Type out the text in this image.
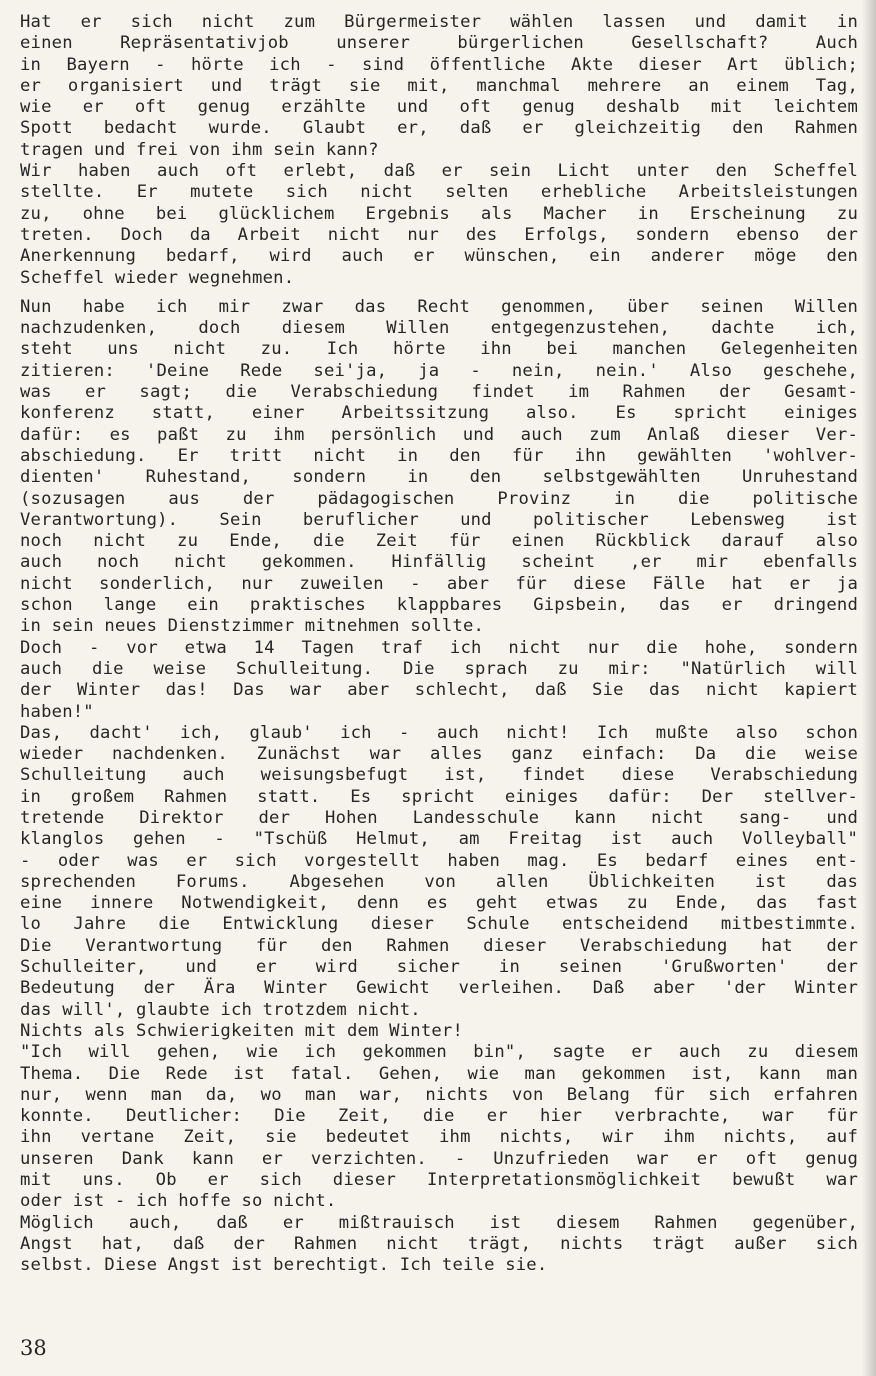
Hat er sich nicht zum Bürgermeister wählen lassen und damit in
einen Repräsentativjob unserer bürgerlichen Gesellschaft? Auch
in Bayern - hörte ich - sind öffentliche Akte dieser Art üblich;
er organisiert und trägt sie mit, manchmal mehrere an einem Tag,
wie er oft genug erzählte und oft genug deshalb mit leichtem
Spott bedacht wurde. Glaubt er, daß er gleichzeitig den Rahmen
tragen und frei von ihm sein kann?
Wir haben auch oft erlebt, daß er sein Licht unter den Scheffel
stellte. Er mutete sich nicht selten erhebliche Arbeitsleistungen
zu, ohne bei glücklichem Ergebnis als Macher in Erscheinung zu
treten. Doch da Arbeit nicht nur des Erfolgs, sondern ebenso der
Anerkennung bedarf, wird auch er wünschen, ein anderer möge den
Scheffel wieder wegnehmen.
Nun habe ich mir zwar das Recht genommen, über seinen Willen
nachzudenken, doch diesem Willen entgegenzustehen, dachte ich,
steht uns nicht zu. Ich hörte ihn bei manchen Gelegenheiten
zitieren: 'Deine Rede sei'ja, ja - nein, nein.' Also geschehe,
was er sagt; die Verabschiedung findet im Rahmen der Gesamt-
konferenz statt, einer Arbeitssitzung also. Es spricht einiges
dafür: es paßt zu ihm persönlich und auch zum Anlaß dieser Ver-
abschiedung. Er tritt nicht in den für ihn gewählten 'wohlver-
dienten' Ruhestand, sondern in den selbstgewählten Unruhestand
(sozusagen aus der pädagogischen Provinz in die politische
Verantwortung). Sein beruflicher und politischer Lebensweg ist
noch nicht zu Ende, die Zeit für einen Rückblick darauf also
auch noch nicht gekommen. Hinfällig scheint ,er mir ebenfalls
nicht sonderlich, nur zuweilen - aber für diese Fälle hat er ja
schon lange ein praktisches klappbares Gipsbein, das er dringend
in sein neues Dienstzimmer mitnehmen sollte.
Doch - vor etwa 14 Tagen traf ich nicht nur die hohe, sondern
auch die weise Schulleitung. Die sprach zu mir: "Natürlich will
der Winter das! Das war aber schlecht, daß Sie das nicht kapiert
haben!"
Das, dacht' ich, glaub' ich - auch nicht! Ich mußte also schon
wieder nachdenken. Zunächst war alles ganz einfach: Da die weise
Schulleitung auch weisungsbefugt ist, findet diese Verabschiedung
in großem Rahmen statt. Es spricht einiges dafür: Der stellver-
tretende Direktor der Hohen Landesschule kann nicht sang- und
klanglos gehen - "Tschüß Helmut, am Freitag ist auch Volleyball"
- oder was er sich vorgestellt haben mag. Es bedarf eines ent-
sprechenden Forums. Abgesehen von allen Üblichkeiten ist das
eine innere Notwendigkeit, denn es geht etwas zu Ende, das fast
lo Jahre die Entwicklung dieser Schule entscheidend mitbestimmte.
Die Verantwortung für den Rahmen dieser Verabschiedung hat der
Schulleiter, und er wird sicher in seinen 'Grußworten' der
Bedeutung der Ära Winter Gewicht verleihen. Daß aber 'der Winter
das will', glaubte ich trotzdem nicht.
Nichts als Schwierigkeiten mit dem Winter!
"Ich will gehen, wie ich gekommen bin", sagte er auch zu diesem
Thema. Die Rede ist fatal. Gehen, wie man gekommen ist, kann man
nur, wenn man da, wo man war, nichts von Belang für sich erfahren
konnte. Deutlicher: Die Zeit, die er hier verbrachte, war für
ihn vertane Zeit, sie bedeutet ihm nichts, wir ihm nichts, auf
unseren Dank kann er verzichten. - Unzufrieden war er oft genug
mit uns. Ob er sich dieser Interpretationsmöglichkeit bewußt war
oder ist - ich hoffe so nicht.
Möglich auch, daß er mißtrauisch ist diesem Rahmen gegenüber,
Angst hat, daß der Rahmen nicht trägt, nichts trägt außer sich
selbst. Diese Angst ist berechtigt. Ich teile sie.
38
